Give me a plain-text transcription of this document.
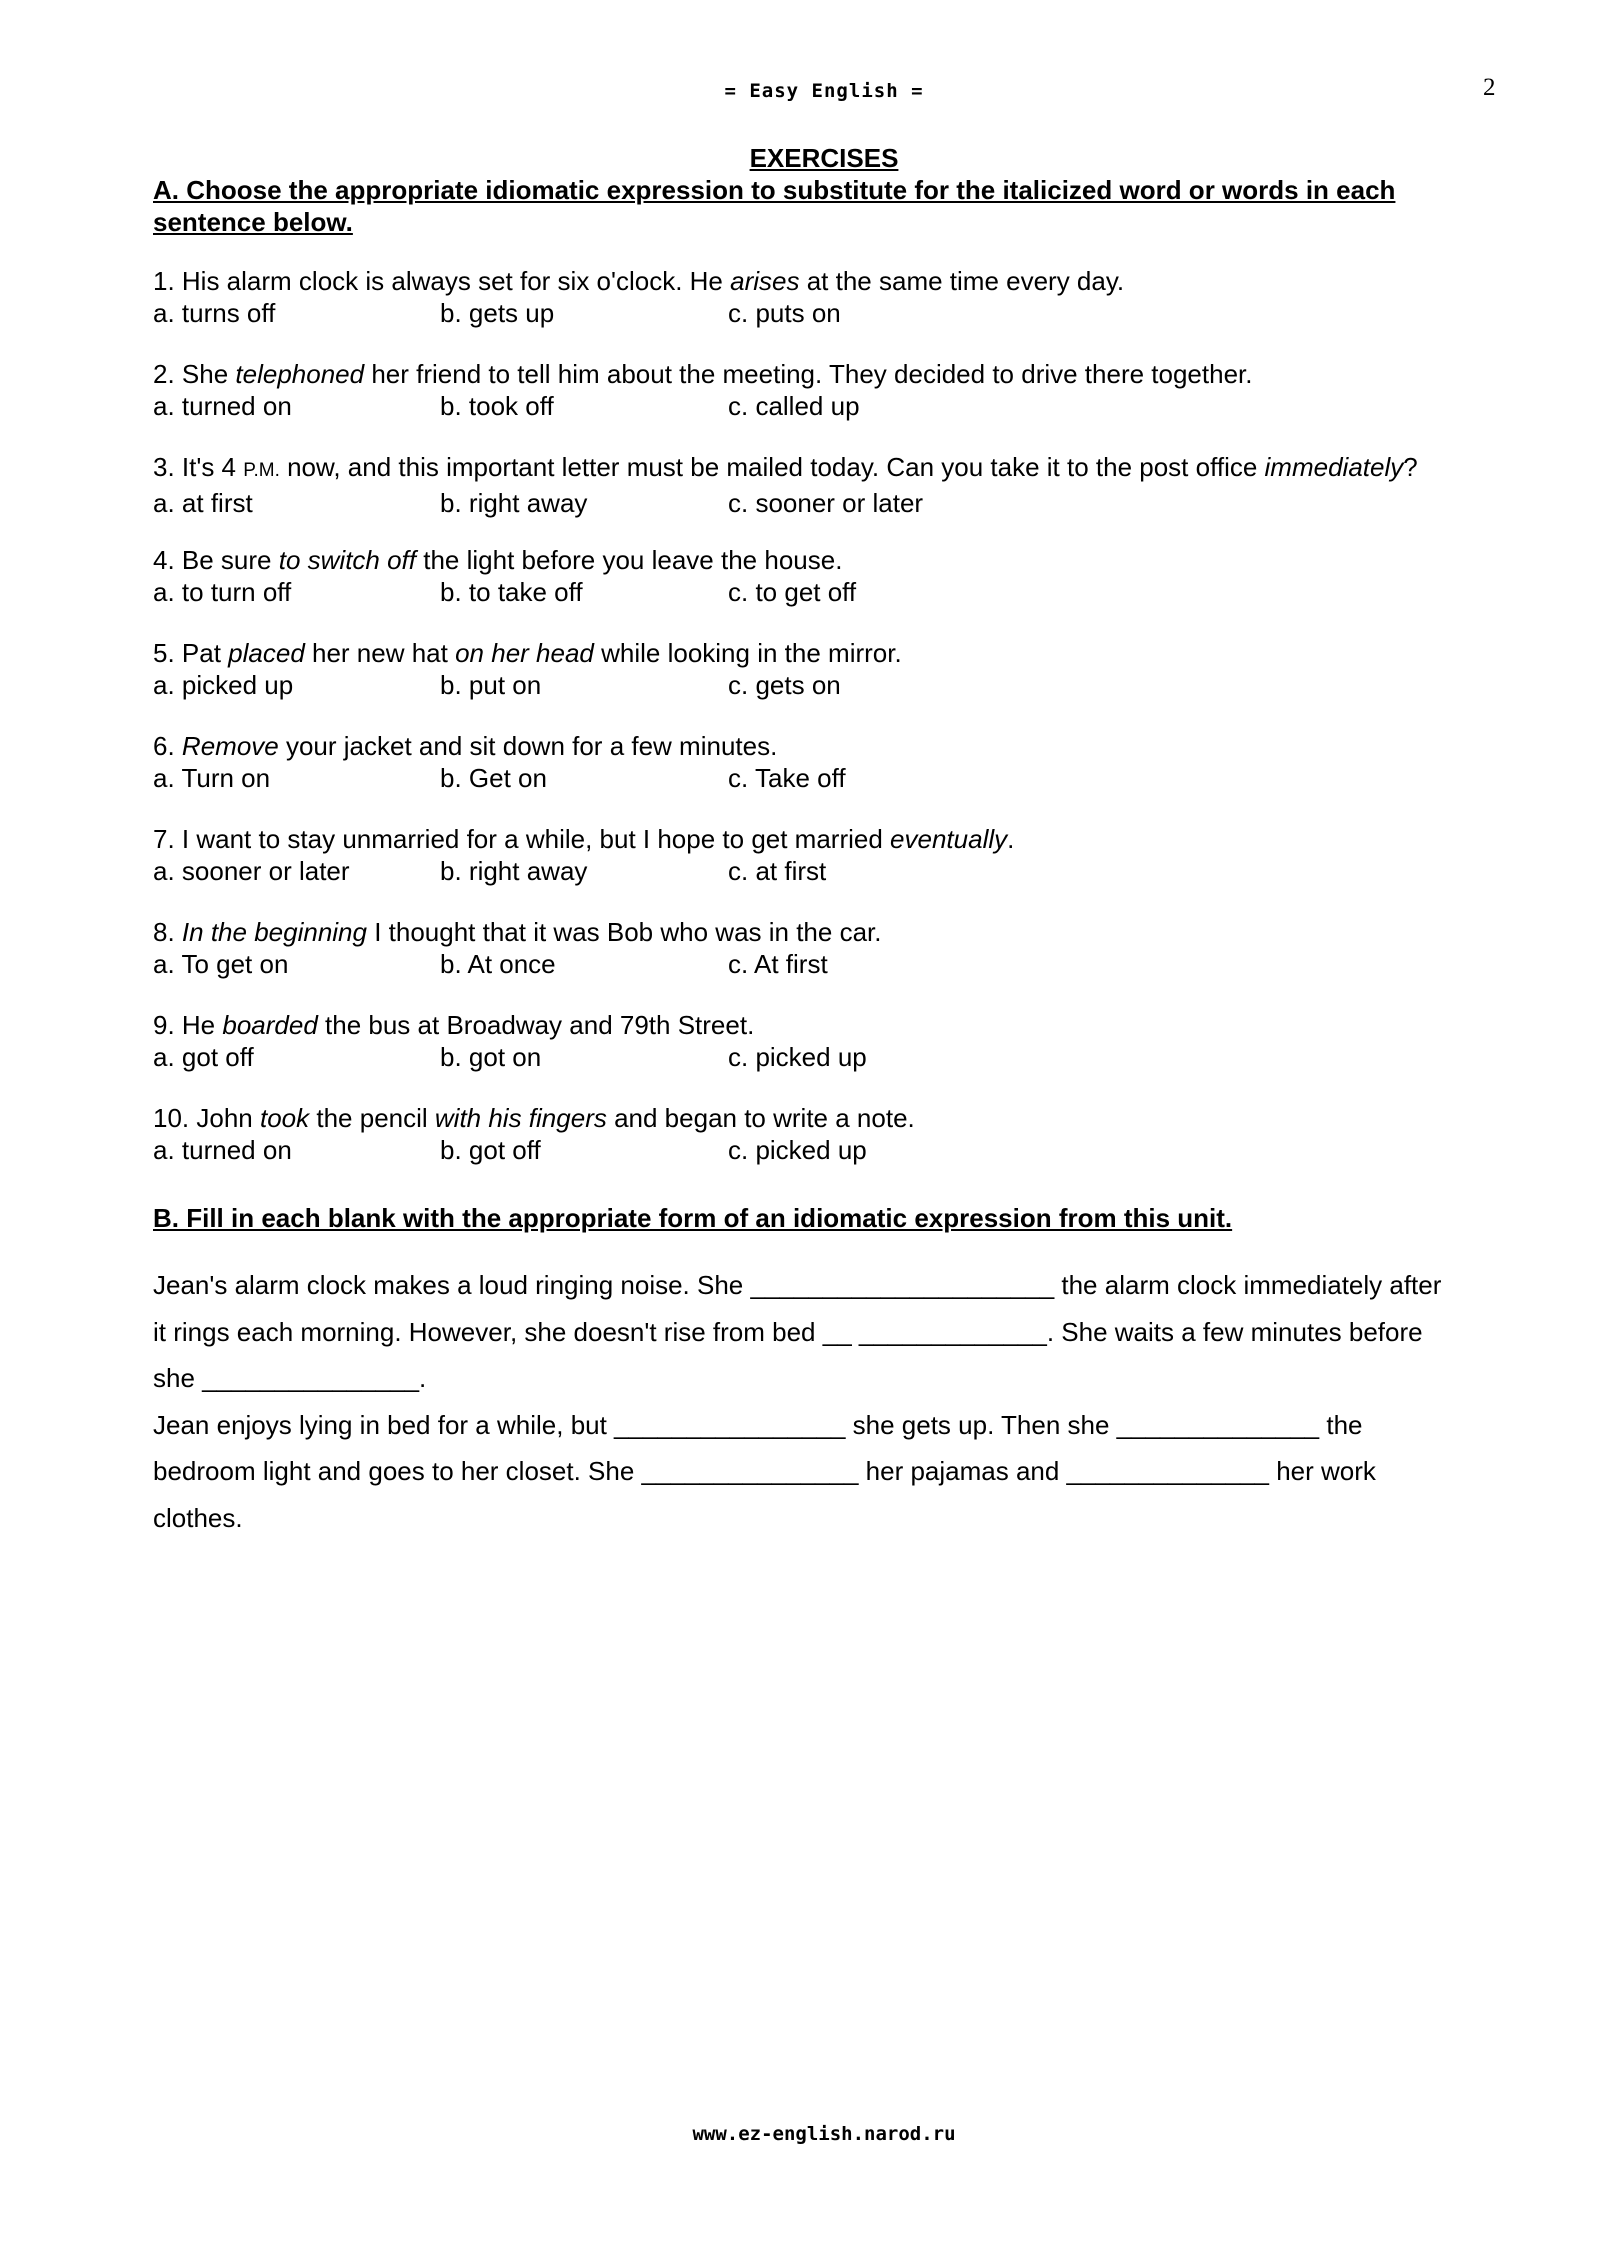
= Easy English =	2
EXERCISES
A. Choose the appropriate idiomatic expression to substitute for the italicized word or words in each
sentence below.
1. His alarm clock is always set for six o'clock. He arises at the same time every day.
a. turns off	b. gets up	c. puts on
2. She telephoned her friend to tell him about the meeting. They decided to drive there together.
a. turned on	b. took off	c. called up
3. It's 4 P.M. now, and this important letter must be mailed today. Can you take it to the post office immediately?
a. at first	b. right away	c. sooner or later
4. Be sure to switch off the light before you leave the house.
a. to turn off	b. to take off	c. to get off
5. Pat placed her new hat on her head while looking in the mirror.
a. picked up	b. put on	c. gets on
6. Remove your jacket and sit down for a few minutes.
a. Turn on	b. Get on	c. Take off
7. I want to stay unmarried for a while, but I hope to get married eventually.
a. sooner or later	b. right away	c. at first
8. In the beginning I thought that it was Bob who was in the car.
a. To get on	b. At once	c. At first
9. He boarded the bus at Broadway and 79th Street.
a. got off	b. got on	c. picked up
10. John took the pencil with his fingers and began to write a note.
a. turned on	b. got off	c. picked up
B. Fill in each blank with the appropriate form of an idiomatic expression from this unit.
Jean's alarm clock makes a loud ringing noise. She _____________________ the alarm clock immediately after
it rings each morning. However, she doesn't rise from bed __ _____________. She waits a few minutes before
she _______________.
Jean enjoys lying in bed for a while, but ________________ she gets up. Then she ______________ the
bedroom light and goes to her closet. She _______________ her pajamas and ______________ her work
clothes.
www.ez-english.narod.ru
